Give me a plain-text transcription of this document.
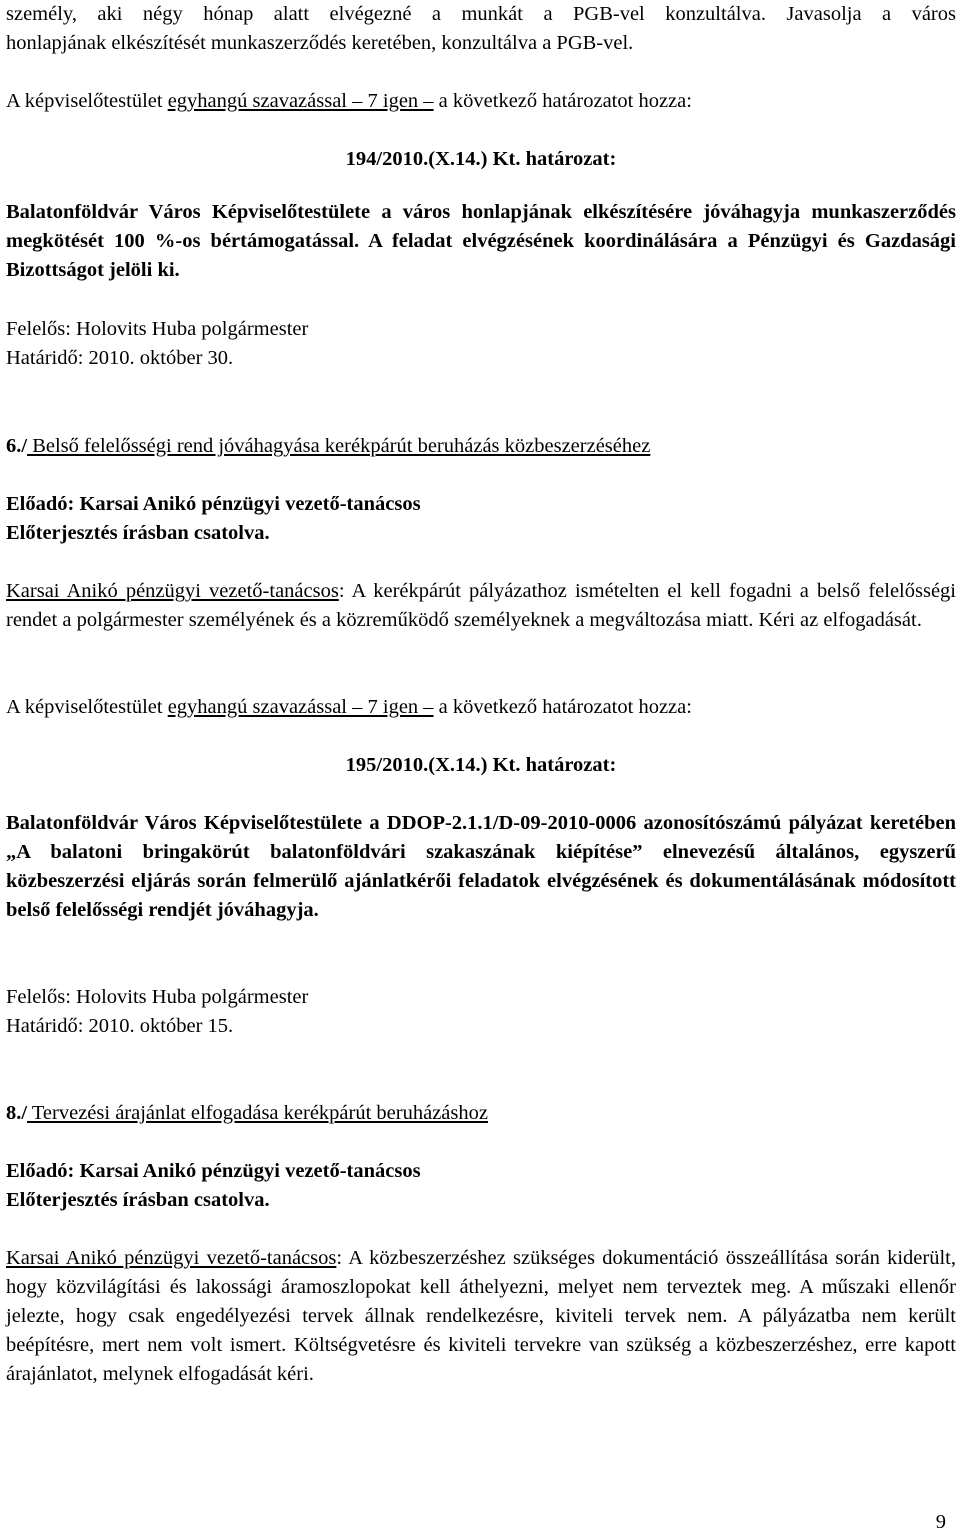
személy, aki négy hónap alatt elvégezné a munkát a PGB-vel konzultálva. Javasolja a város

honlapjának elkészítését munkaszerződés keretében, konzultálva a PGB-vel.

A képviselőtestület egyhangú szavazással – 7 igen – a következő határozatot hozza:

194/2010.(X.14.) Kt. határozat:

Balatonföldvár Város Képviselőtestülete a város honlapjának elkészítésére jóváhagyja munkaszerződés megkötését 100 %-os bértámogatással. A feladat elvégzésének koordinálására a Pénzügyi és Gazdasági Bizottságot jelöli ki.

Felelős: Holovits Huba polgármester

Határidő: 2010. október 30.

6./ Belső felelősségi rend jóváhagyása kerékpárút beruházás közbeszerzéséhez

Előadó: Karsai Anikó pénzügyi vezető-tanácsos

Előterjesztés írásban csatolva.

Karsai Anikó pénzügyi vezető-tanácsos: A kerékpárút pályázathoz ismételten el kell fogadni a belső felelősségi rendet a polgármester személyének és a közreműködő személyeknek a megváltozása miatt. Kéri az elfogadását.

A képviselőtestület egyhangú szavazással – 7 igen – a következő határozatot hozza:

195/2010.(X.14.) Kt. határozat:

Balatonföldvár Város Képviselőtestülete a DDOP-2.1.1/D-09-2010-0006 azonosítószámú pályázat keretében „A balatoni bringakörút balatonföldvári szakaszának kiépítése” elnevezésű általános, egyszerű közbeszerzési eljárás során felmerülő ajánlatkérői feladatok elvégzésének és dokumentálásának módosított belső felelősségi rendjét jóváhagyja.

Felelős: Holovits Huba polgármester

Határidő: 2010. október 15.

8./ Tervezési árajánlat elfogadása kerékpárút beruházáshoz

Előadó: Karsai Anikó pénzügyi vezető-tanácsos

Előterjesztés írásban csatolva.

Karsai Anikó pénzügyi vezető-tanácsos: A közbeszerzéshez szükséges dokumentáció összeállítása során kiderült, hogy közvilágítási és lakossági áramoszlopokat kell áthelyezni, melyet nem terveztek meg. A műszaki ellenőr jelezte, hogy csak engedélyezési tervek állnak rendelkezésre, kiviteli tervek nem. A pályázatba nem került beépítésre, mert nem volt ismert. Költségvetésre és kiviteli tervekre van szükség a közbeszerzéshez, erre kapott árajánlatot, melynek elfogadását kéri.

9
